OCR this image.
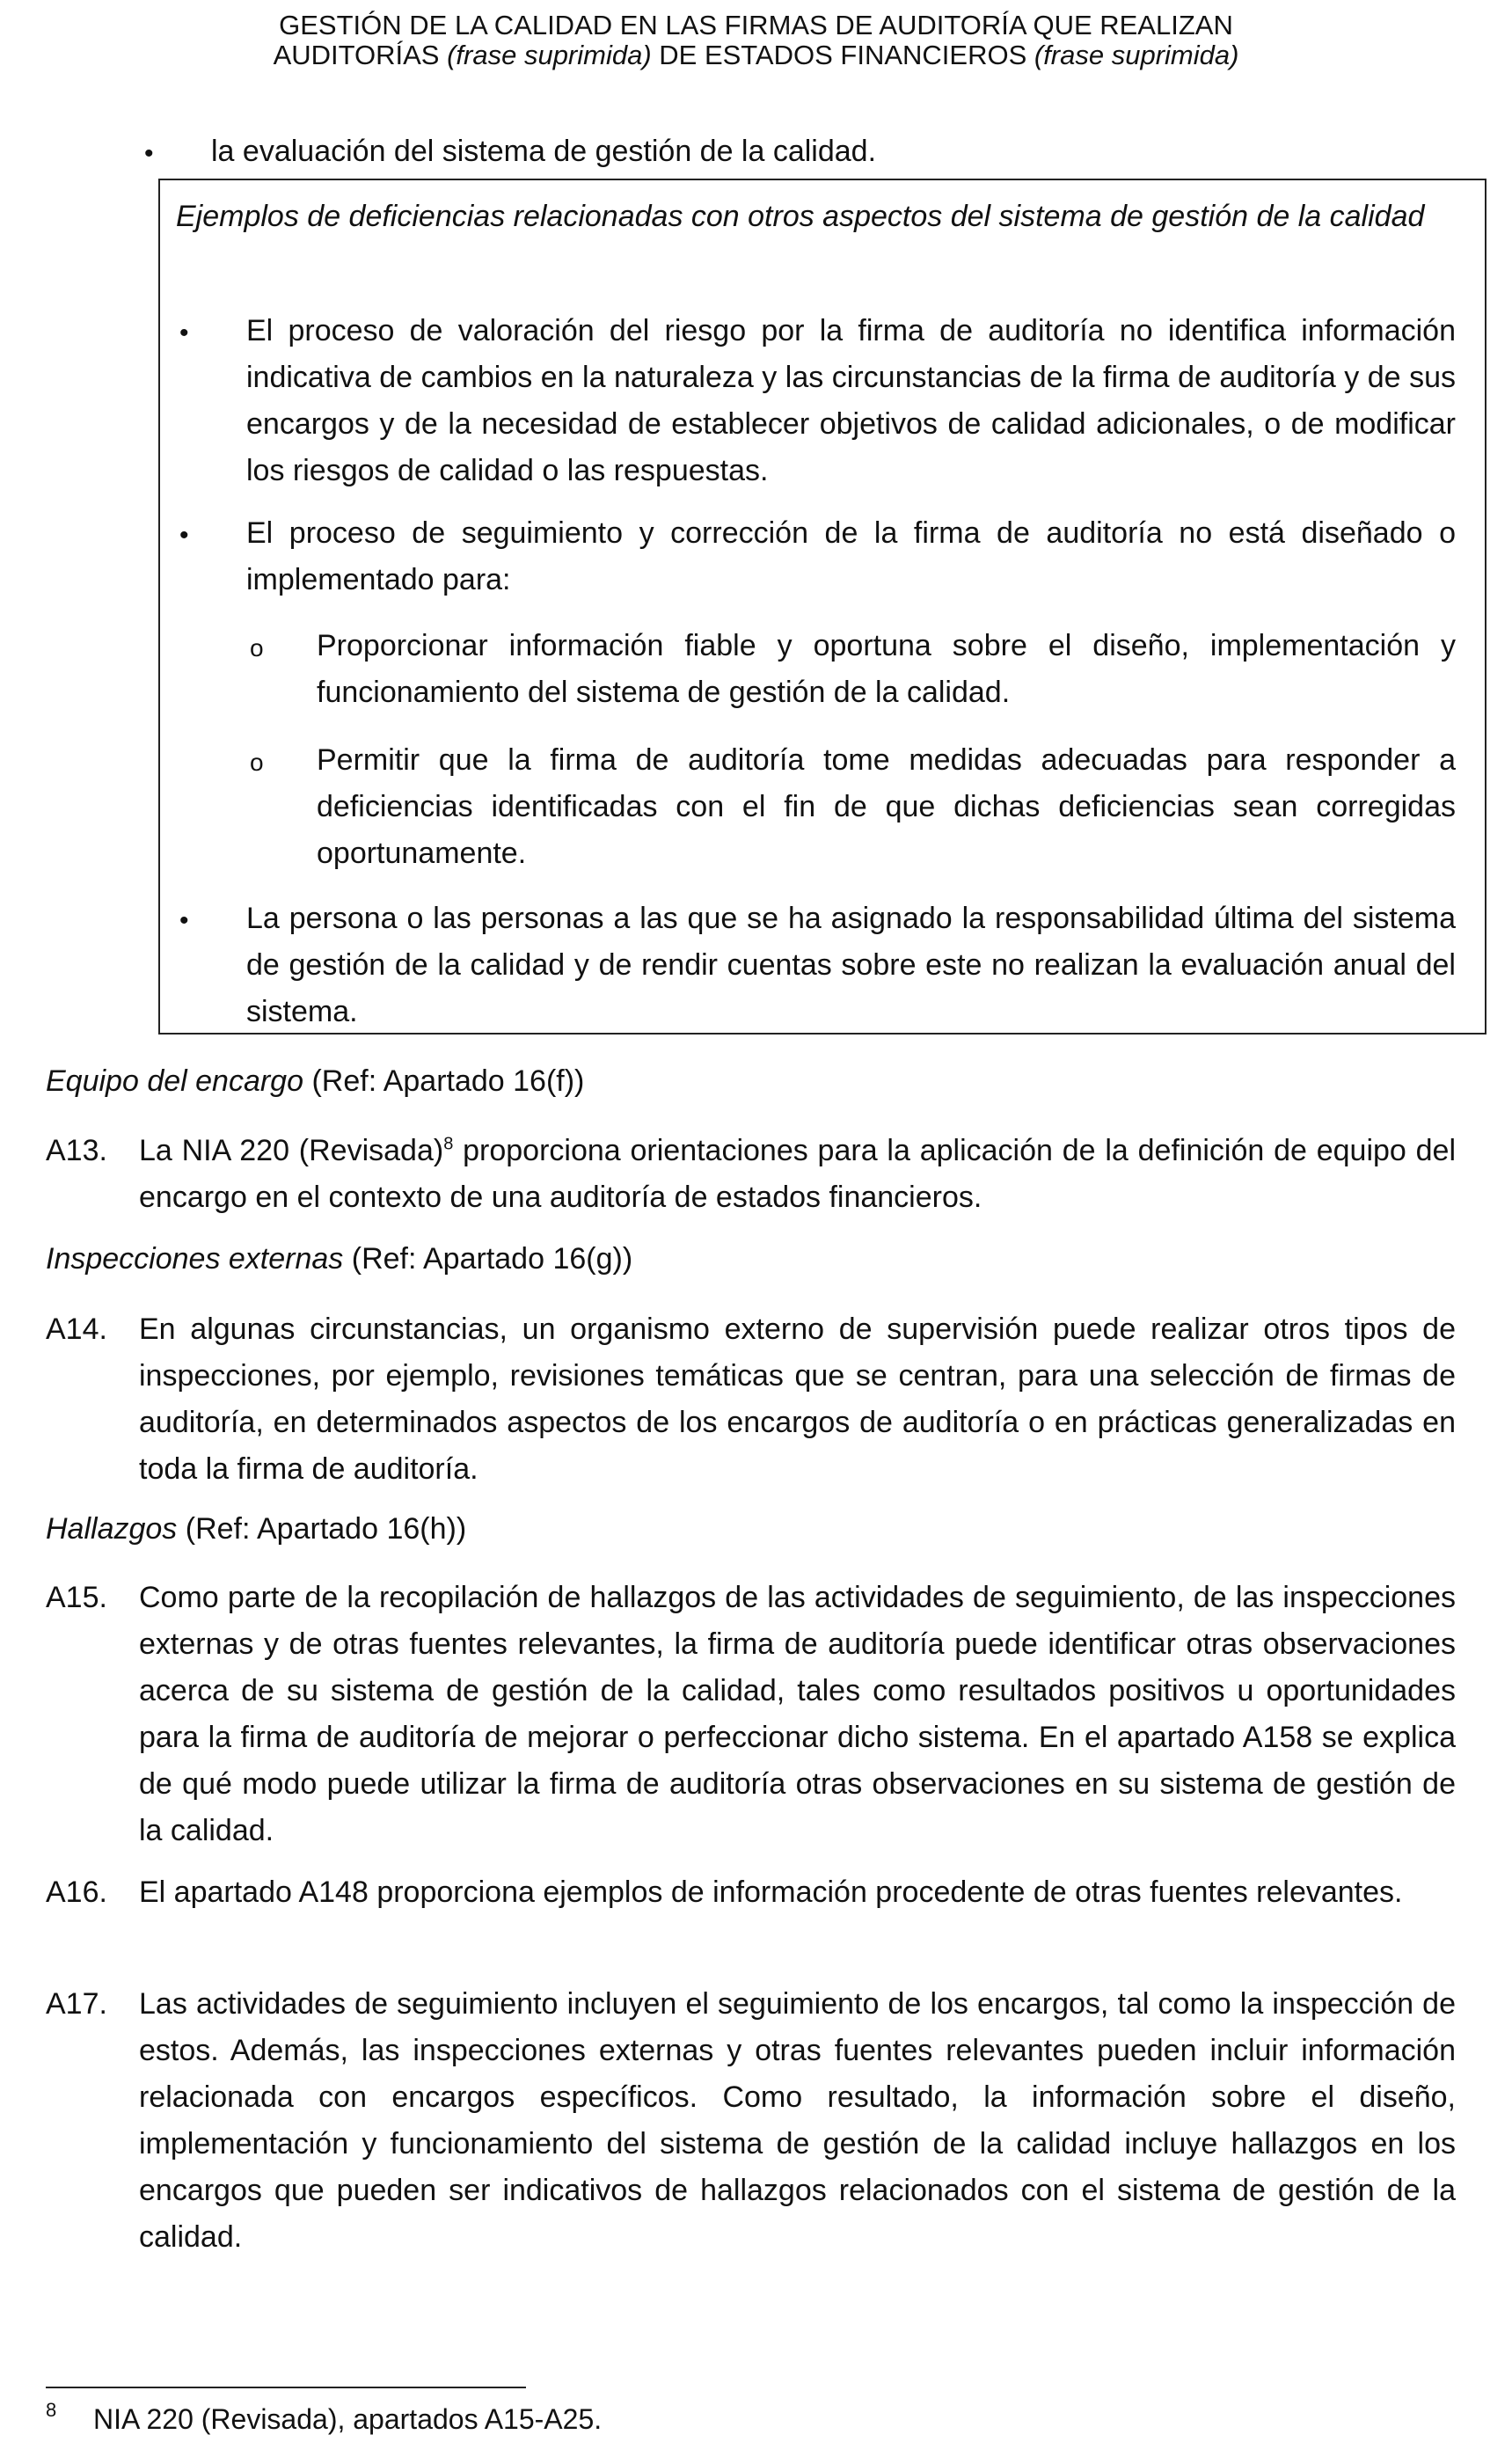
GESTIÓN DE LA CALIDAD EN LAS FIRMAS DE AUDITORÍA QUE REALIZAN
AUDITORÍAS (frase suprimida) DE ESTADOS FINANCIEROS (frase suprimida)
• la evaluación del sistema de gestión de la calidad.
Ejemplos de deficiencias relacionadas con otros aspectos del sistema de gestión de la calidad
• El proceso de valoración del riesgo por la firma de auditoría no identifica información indicativa de cambios en la naturaleza y las circunstancias de la firma de auditoría y de sus encargos y de la necesidad de establecer objetivos de calidad adicionales, o de modificar los riesgos de calidad o las respuestas.
• El proceso de seguimiento y corrección de la firma de auditoría no está diseñado o implementado para:
o Proporcionar información fiable y oportuna sobre el diseño, implementación y funcionamiento del sistema de gestión de la calidad.
o Permitir que la firma de auditoría tome medidas adecuadas para responder a deficiencias identificadas con el fin de que dichas deficiencias sean corregidas oportunamente.
• La persona o las personas a las que se ha asignado la responsabilidad última del sistema de gestión de la calidad y de rendir cuentas sobre este no realizan la evaluación anual del sistema.
Equipo del encargo (Ref: Apartado 16(f))
A13. La NIA 220 (Revisada)$^8$ proporciona orientaciones para la aplicación de la definición de equipo del encargo en el contexto de una auditoría de estados financieros.
Inspecciones externas (Ref: Apartado 16(g))
A14. En algunas circunstancias, un organismo externo de supervisión puede realizar otros tipos de inspecciones, por ejemplo, revisiones temáticas que se centran, para una selección de firmas de auditoría, en determinados aspectos de los encargos de auditoría o en prácticas generalizadas en toda la firma de auditoría.
Hallazgos (Ref: Apartado 16(h))
A15. Como parte de la recopilación de hallazgos de las actividades de seguimiento, de las inspecciones externas y de otras fuentes relevantes, la firma de auditoría puede identificar otras observaciones acerca de su sistema de gestión de la calidad, tales como resultados positivos u oportunidades para la firma de auditoría de mejorar o perfeccionar dicho sistema. En el apartado A158 se explica de qué modo puede utilizar la firma de auditoría otras observaciones en su sistema de gestión de la calidad.
A16. El apartado A148 proporciona ejemplos de información procedente de otras fuentes relevantes.
A17. Las actividades de seguimiento incluyen el seguimiento de los encargos, tal como la inspección de estos. Además, las inspecciones externas y otras fuentes relevantes pueden incluir información relacionada con encargos específicos. Como resultado, la información sobre el diseño, implementación y funcionamiento del sistema de gestión de la calidad incluye hallazgos en los encargos que pueden ser indicativos de hallazgos relacionados con el sistema de gestión de la calidad.
8 NIA 220 (Revisada), apartados A15-A25.
